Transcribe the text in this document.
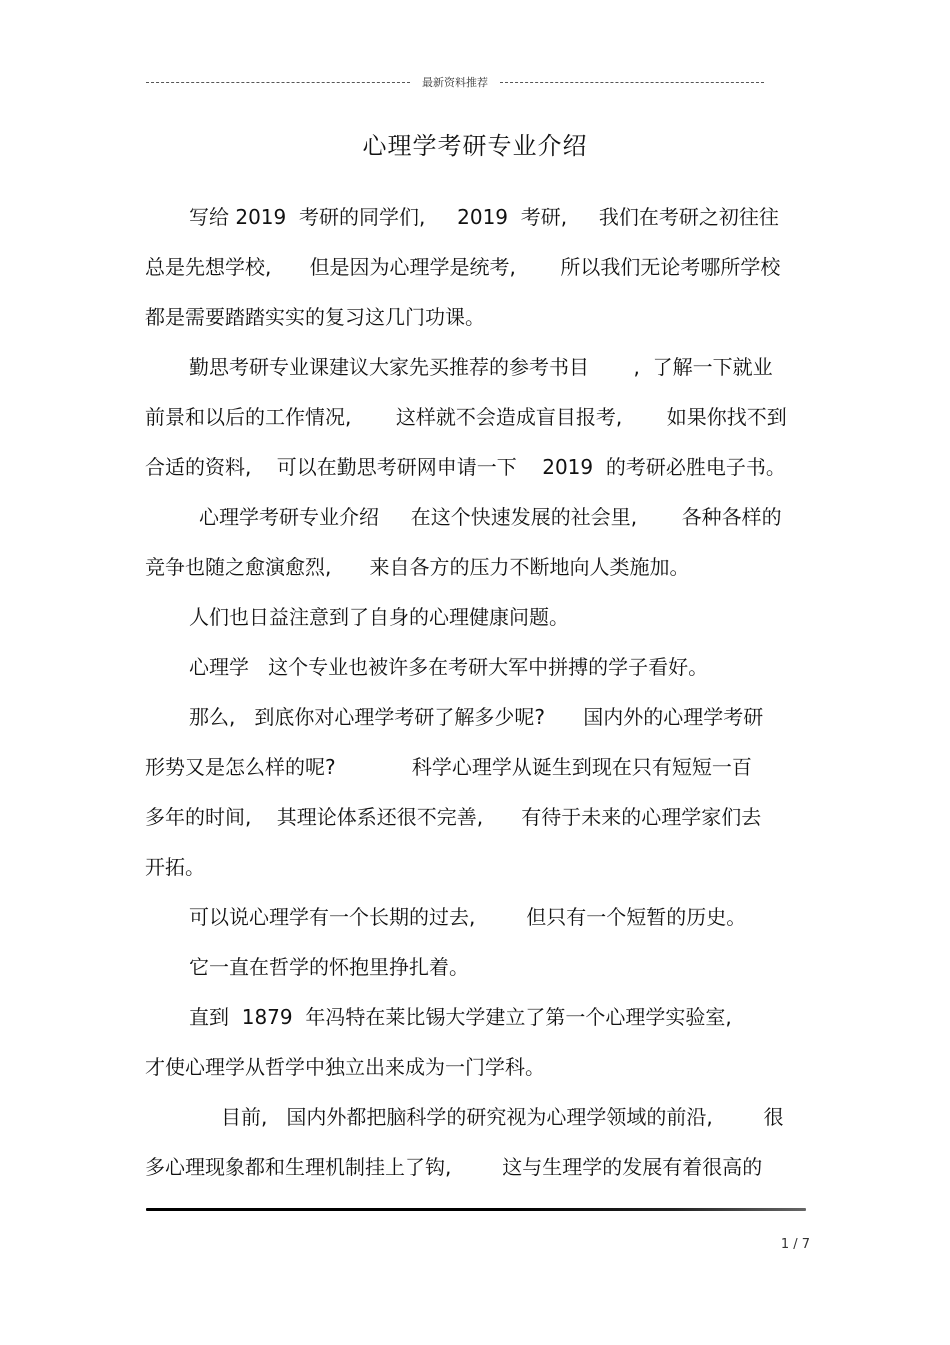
最新资料推荐
心理学考研专业介绍
写给 2019  考研的同学们,     2019  考研,     我们在考研之初往往
总是先想学校,      但是因为心理学是统考,       所以我们无论考哪所学校
都是需要踏踏实实的复习这几门功课。
勤思考研专业课建议大家先买推荐的参考书目       ,  了解一下就业
前景和以后的工作情况,       这样就不会造成盲目报考,       如果你找不到
合适的资料,    可以在勤思考研网申请一下    2019  的考研必胜电子书。
心理学考研专业介绍     在这个快速发展的社会里,       各种各样的
竞争也随之愈演愈烈,      来自各方的压力不断地向人类施加。
人们也日益注意到了自身的心理健康问题。
心理学   这个专业也被许多在考研大军中拼搏的学子看好。
那么,   到底你对心理学考研了解多少呢?      国内外的心理学考研
形势又是怎么样的呢?            科学心理学从诞生到现在只有短短一百
多年的时间,    其理论体系还很不完善,      有待于未来的心理学家们去
开拓。
可以说心理学有一个长期的过去,        但只有一个短暂的历史。
它一直在哲学的怀抱里挣扎着。
直到  1879  年冯特在莱比锡大学建立了第一个心理学实验室,
才使心理学从哲学中独立出来成为一门学科。
目前,   国内外都把脑科学的研究视为心理学领域的前沿,        很
多心理现象都和生理机制挂上了钩,        这与生理学的发展有着很高的
1 / 7
